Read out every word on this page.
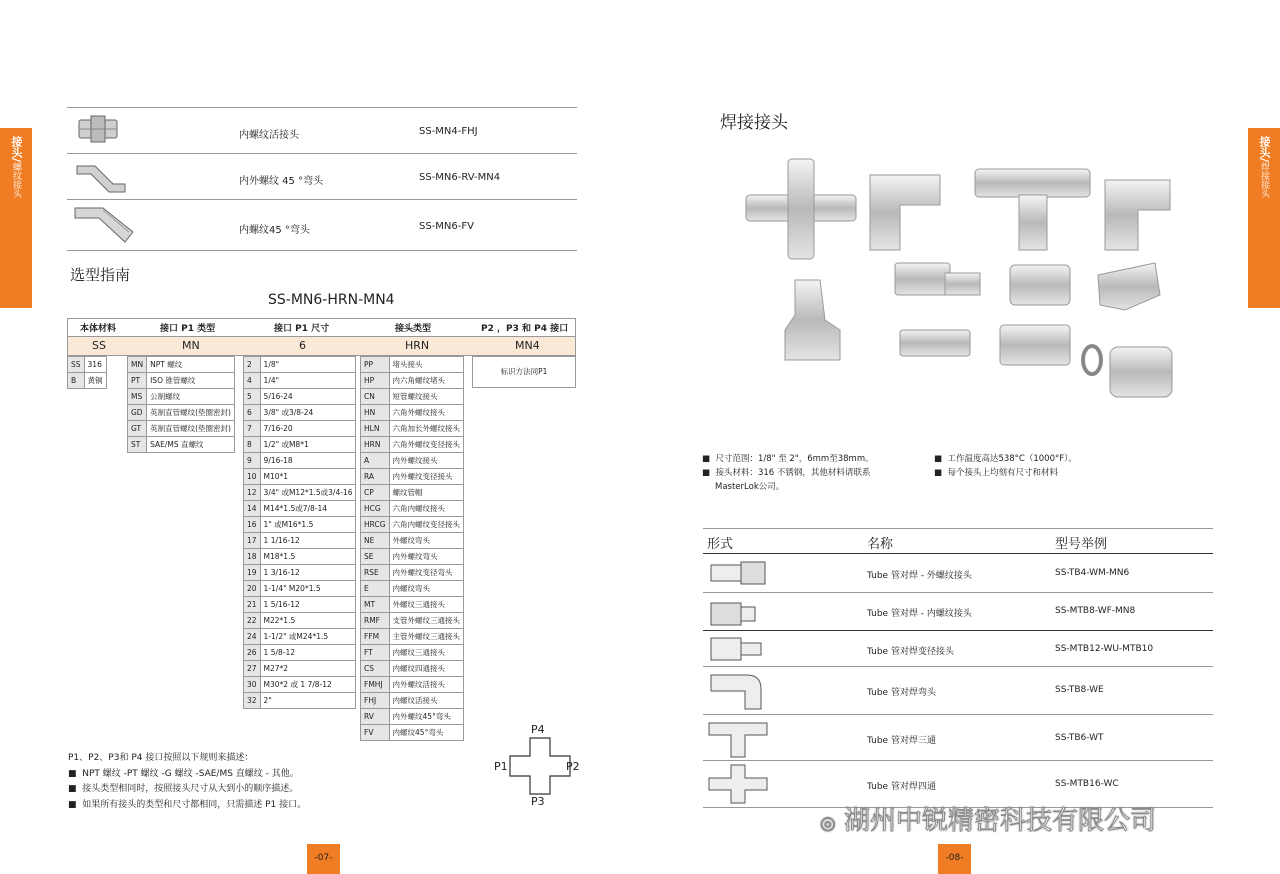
接头/螺纹接头
内螺纹活接头	SS-MN4-FHJ
内外螺纹 45 °弯头	SS-MN6-RV-MN4
内螺纹45 °弯头	SS-MN6-FV
选型指南
SS-MN6-HRN-MN4
本体材料	接口 P1 类型	接口 P1 尺寸	接头类型	P2 ，P3 和 P4 接口
SS	MN	6	HRN	MN4
SS	316
B	黄铜
MN	NPT 螺纹
PT	ISO 锥管螺纹
MS	公制螺纹
GD	英制直管螺纹(垫圈密封)
GT	英制直管螺纹(垫圈密封)
ST	SAE/MS 直螺纹
2	1/8"
4	1/4"
5	5/16-24
6	3/8" 或3/8-24
7	7/16-20
8	1/2" 或M8*1
9	9/16-18
10	M10*1
12	3/4" 或M12*1.5或3/4-16
14	M14*1.5或7/8-14
16	1" 或M16*1.5
17	1 1/16-12
18	M18*1.5
19	1 3/16-12
20	1-1/4" M20*1.5
21	1 5/16-12
22	M22*1.5
24	1-1/2" 或M24*1.5
26	1 5/8-12
27	M27*2
30	M30*2 或 1 7/8-12
32	2"
PP	堵头接头
HP	内六角螺纹堵头
CN	短管螺纹接头
HN	六角外螺纹接头
HLN	六角加长外螺纹接头
HRN	六角外螺纹变径接头
A	内外螺纹接头
RA	内外螺纹变径接头
CP	螺纹管帽
HCG	六角内螺纹接头
HRCG	六角内螺纹变径接头
NE	外螺纹弯头
SE	内外螺纹弯头
RSE	内外螺纹变径弯头
E	内螺纹弯头
MT	外螺纹三通接头
RMF	支管外螺纹三通接头
FFM	主管外螺纹三通接头
FT	内螺纹三通接头
CS	内螺纹四通接头
FMHJ	内外螺纹活接头
FHJ	内螺纹活接头
RV	内外螺纹45°弯头
FV	内螺纹45°弯头
标识方法同P1
P1、P2、P3和 P4 接口按照以下规则来描述：
■  NPT 螺纹 -PT 螺纹 -G 螺纹 -SAE/MS 直螺纹 - 其他。
■  接头类型相同时，按照接头尺寸从大到小的顺序描述。
■  如果所有接头的类型和尺寸都相同，只需描述 P1 接口。
P4
P1	P2
P3
-07-
接头/焊接接头
焊接接头
■  尺寸范围：1/8" 至 2"，6mm至38mm。
■  接头材料：316 不锈钢，其他材料请联系
MasterLok公司。
■  工作温度高达538°C（1000°F）。
■  每个接头上均刻有尺寸和材料
形式	名称	型号举例
Tube 管对焊 - 外螺纹接头	SS-TB4-WM-MN6
Tube 管对焊 - 内螺纹接头	SS-MTB8-WF-MN8
Tube 管对焊变径接头	SS-MTB12-WU-MTB10
Tube 管对焊弯头	SS-TB8-WE
Tube 管对焊三通	SS-TB6-WT
Tube 管对焊四通	SS-MTB16-WC
◎ 湖州中锐精密科技有限公司
-08-
